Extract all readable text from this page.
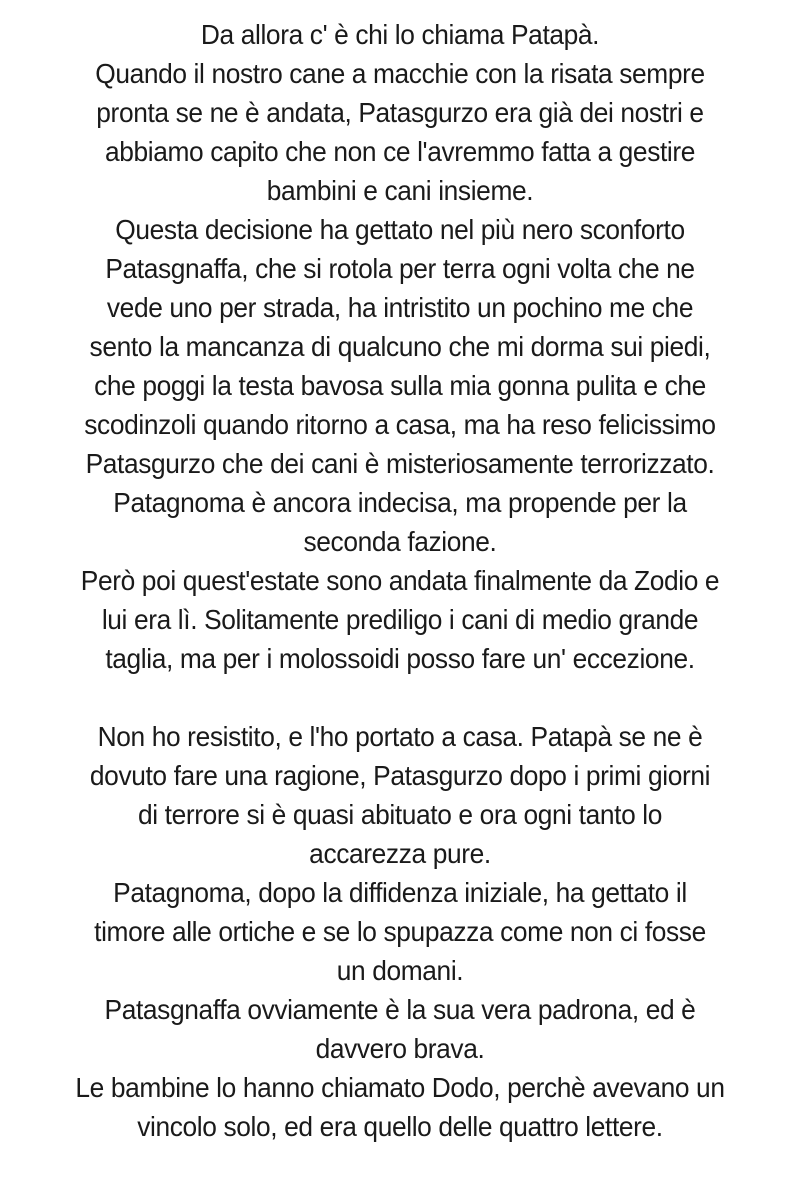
Da allora c' è chi lo chiama Patapà.
Quando il nostro cane a macchie con la risata sempre
pronta se ne è andata, Patasgurzo era già dei nostri e
abbiamo capito che non ce l'avremmo fatta a gestire
bambini e cani insieme.
Questa decisione ha gettato nel più nero sconforto
Patasgnaffa, che si rotola per terra ogni volta che ne
vede uno per strada, ha intristito un pochino me che
sento la mancanza di qualcuno che mi dorma sui piedi,
che poggi la testa bavosa sulla mia gonna pulita e che
scodinzoli quando ritorno a casa, ma ha reso felicissimo
Patasgurzo che dei cani è misteriosamente terrorizzato.
Patagnoma è ancora indecisa, ma propende per la
seconda fazione.
Però poi quest'estate sono andata finalmente da Zodio e
lui era lì. Solitamente prediligo i cani di medio grande
taglia, ma per i molossoidi posso fare un' eccezione.
Non ho resistito, e l'ho portato a casa. Patapà se ne è
dovuto fare una ragione, Patasgurzo dopo i primi giorni
di terrore si è quasi abituato e ora ogni tanto lo
accarezza pure.
Patagnoma, dopo la diffidenza iniziale, ha gettato il
timore alle ortiche e se lo spupazza come non ci fosse
un domani.
Patasgnaffa ovviamente è la sua vera padrona, ed è
davvero brava.
Le bambine lo hanno chiamato Dodo, perchè avevano un
vincolo solo, ed era quello delle quattro lettere.
